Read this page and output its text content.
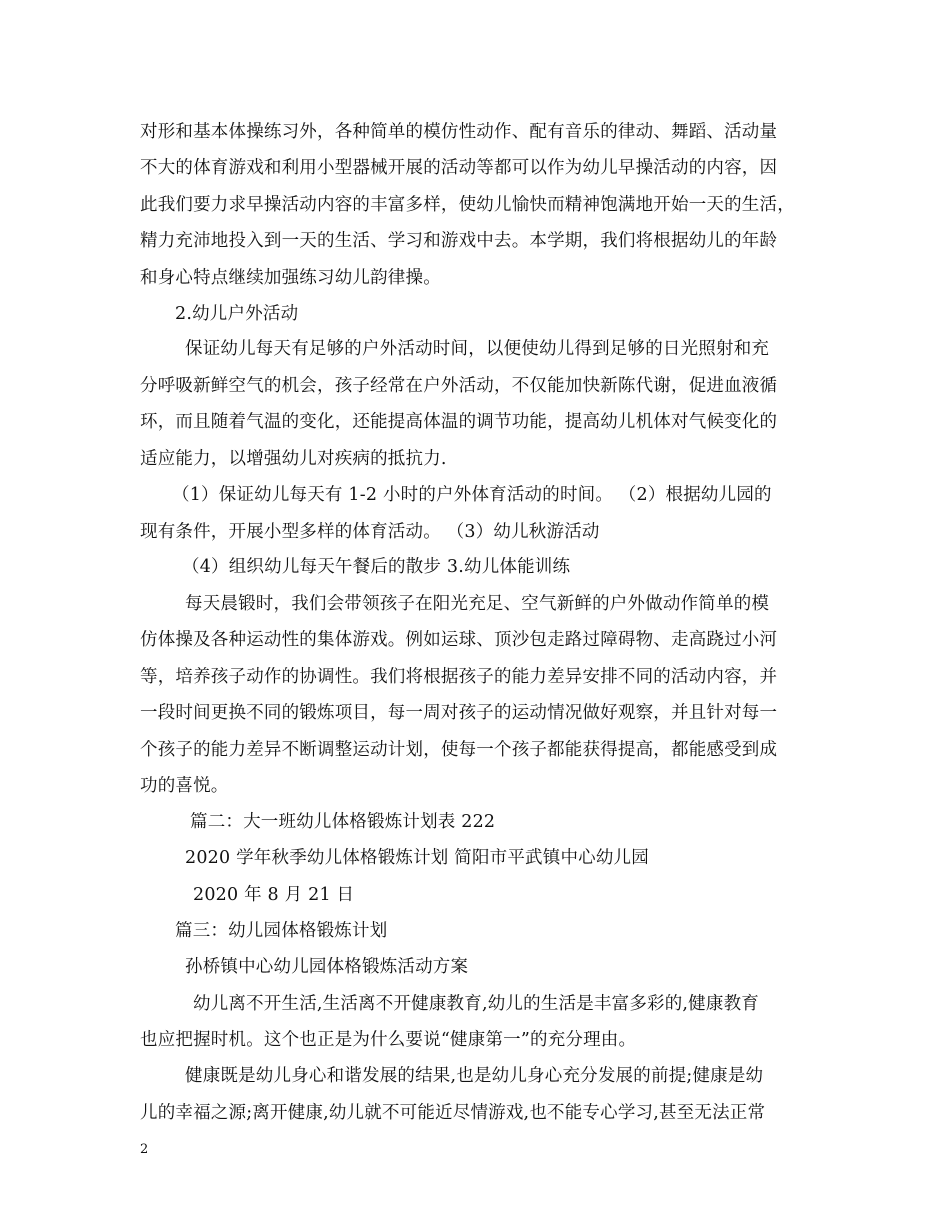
对形和基本体操练习外，各种简单的模仿性动作、配有音乐的律动、舞蹈、活动量
不大的体育游戏和利用小型器械开展的活动等都可以作为幼儿早操活动的内容，因
此我们要力求早操活动内容的丰富多样，使幼儿愉快而精神饱满地开始一天的生活，
精力充沛地投入到一天的生活、学习和游戏中去。本学期，我们将根据幼儿的年龄
和身心特点继续加强练习幼儿韵律操。
2.幼儿户外活动
保证幼儿每天有足够的户外活动时间，以便使幼儿得到足够的日光照射和充
分呼吸新鲜空气的机会，孩子经常在户外活动，不仅能加快新陈代谢，促进血液循
环，而且随着气温的变化，还能提高体温的调节功能，提高幼儿机体对气候变化的
适应能力，以增强幼儿对疾病的抵抗力.
（1）保证幼儿每天有 1-2 小时的户外体育活动的时间。 （2）根据幼儿园的
现有条件，开展小型多样的体育活动。 （3）幼儿秋游活动
（4）组织幼儿每天午餐后的散步 3.幼儿体能训练
每天晨锻时，我们会带领孩子在阳光充足、空气新鲜的户外做动作简单的模
仿体操及各种运动性的集体游戏。例如运球、顶沙包走路过障碍物、走高跷过小河
等，培养孩子动作的协调性。我们将根据孩子的能力差异安排不同的活动内容，并
一段时间更换不同的锻炼项目，每一周对孩子的运动情况做好观察，并且针对每一
个孩子的能力差异不断调整运动计划，使每一个孩子都能获得提高，都能感受到成
功的喜悦。
篇二：大一班幼儿体格锻炼计划表 222
2020 学年秋季幼儿体格锻炼计划 简阳市平武镇中心幼儿园
2020 年 8 月 21 日
篇三：幼儿园体格锻炼计划
孙桥镇中心幼儿园体格锻炼活动方案
幼儿离不开生活,生活离不开健康教育,幼儿的生活是丰富多彩的,健康教育
也应把握时机。这个也正是为什么要说“健康第一”的充分理由。
健康既是幼儿身心和谐发展的结果,也是幼儿身心充分发展的前提;健康是幼
儿的幸福之源;离开健康,幼儿就不可能近尽情游戏,也不能专心学习,甚至无法正常
2
